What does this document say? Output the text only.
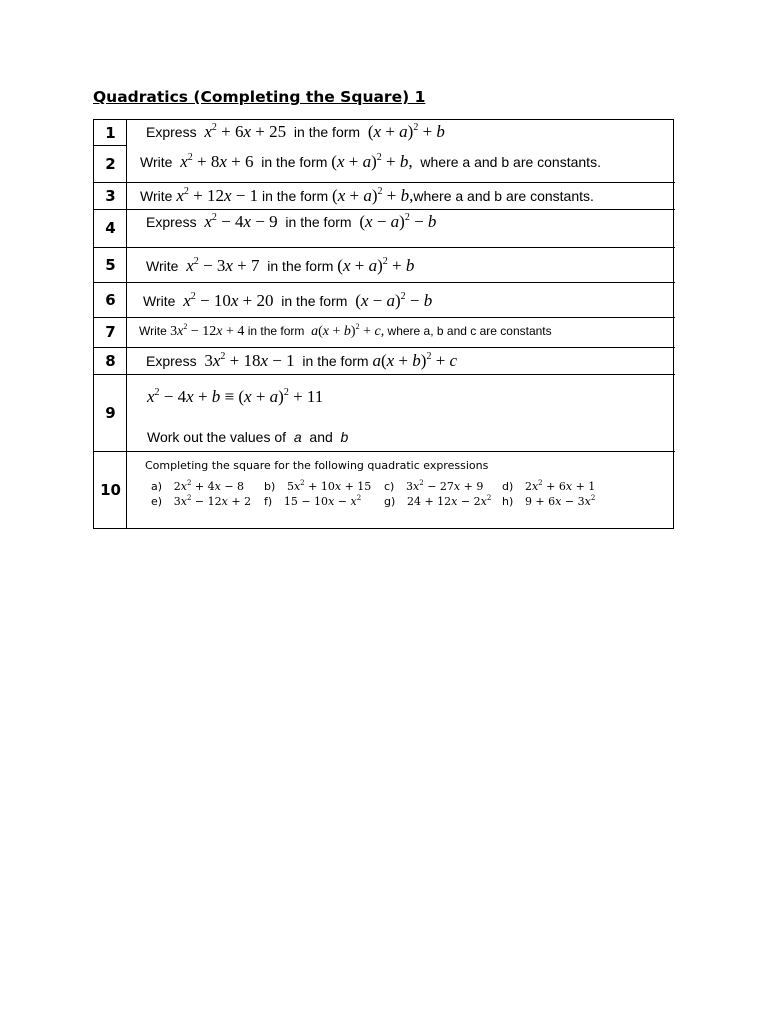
Quadratics (Completing the Square) 1
1
2
3
4
5
6
7
8
9
10
Express $x^2 + 6x + 25$ in the form $(x + a)^2 + b$
Write $x^2 + 8x + 6$ in the form $(x + a)^2 + b$, where a and b are constants.
Write $x^2 + 12x - 1$ in the form $(x + a)^2$ + b,where a and b are constants.
Express $x^2 - 4x - 9$ in the form $(x - a)^2 - b$
Write $x^2 - 3x + 7$ in the form $(x + a)^2 + b$
Write $x^2 - 10x + 20$ in the form $(x - a)^2 - b$
Write $3x^2 - 12x + 4$ in the form $a(x + b)^2 + c$, where a, b and c are constants
Express $3x^2 + 18x - 1$ in the form $a(x + b)^2 + c$
$x^2 - 4x + b \equiv (x + a)^2 + 11$
Work out the values of a and b
Completing the square for the following quadratic expressions
a) $2x^2 + 4x - 8$ b) $5x^2 + 10x + 15$ c) $3x^2 - 27x + 9$ d) $2x^2 + 6x + 1$
e) $3x^2 - 12x + 2$ f) $15 - 10x - x^2$ g) $24 + 12x - 2x^2$ h) $9 + 6x - 3x^2$
